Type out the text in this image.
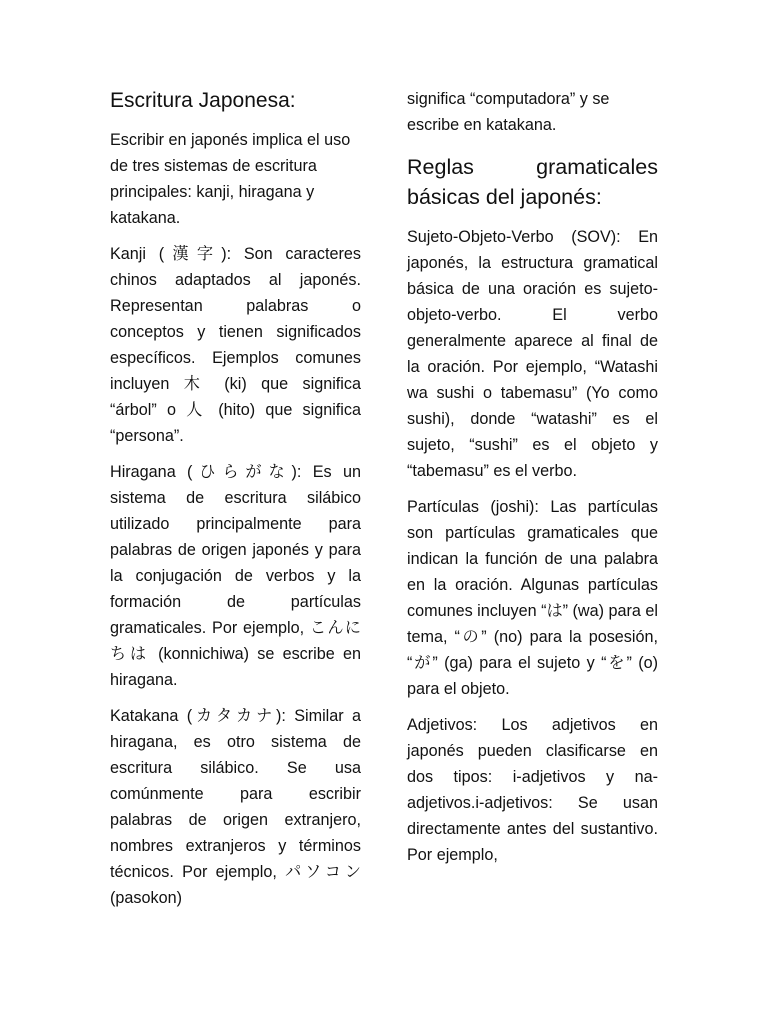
Escritura Japonesa:

Escribir en japonés implica el uso de tres sistemas de escritura principales: kanji, hiragana y katakana.

Kanji (漢字): Son caracteres chinos adaptados al japonés. Representan palabras o conceptos y tienen significados específicos. Ejemplos comunes incluyen 木 (ki) que significa “árbol” o 人 (hito) que significa “persona”.

Hiragana (ひらがな): Es un sistema de escritura silábico utilizado principalmente para palabras de origen japonés y para la conjugación de verbos y la formación de partículas gramaticales. Por ejemplo, こんにちは (konnichiwa) se escribe en hiragana.

Katakana (カタカナ): Similar a hiragana, es otro sistema de escritura silábico. Se usa comúnmente para escribir palabras de origen extranjero, nombres extranjeros y términos técnicos. Por ejemplo, パソコン (pasokon)

significa “computadora” y se escribe en katakana.

Reglas gramaticales básicas del japonés:

Sujeto-Objeto-Verbo (SOV): En japonés, la estructura gramatical básica de una oración es sujeto-objeto-verbo. El verbo generalmente aparece al final de la oración. Por ejemplo, “Watashi wa sushi o tabemasu” (Yo como sushi), donde “watashi” es el sujeto, “sushi” es el objeto y “tabemasu” es el verbo.

Partículas (joshi): Las partículas son partículas gramaticales que indican la función de una palabra en la oración. Algunas partículas comunes incluyen “は” (wa) para el tema, “の” (no) para la posesión, “が” (ga) para el sujeto y “を” (o) para el objeto.

Adjetivos: Los adjetivos en japonés pueden clasificarse en dos tipos: i-adjetivos y na-adjetivos.i-adjetivos: Se usan directamente antes del sustantivo. Por ejemplo,
